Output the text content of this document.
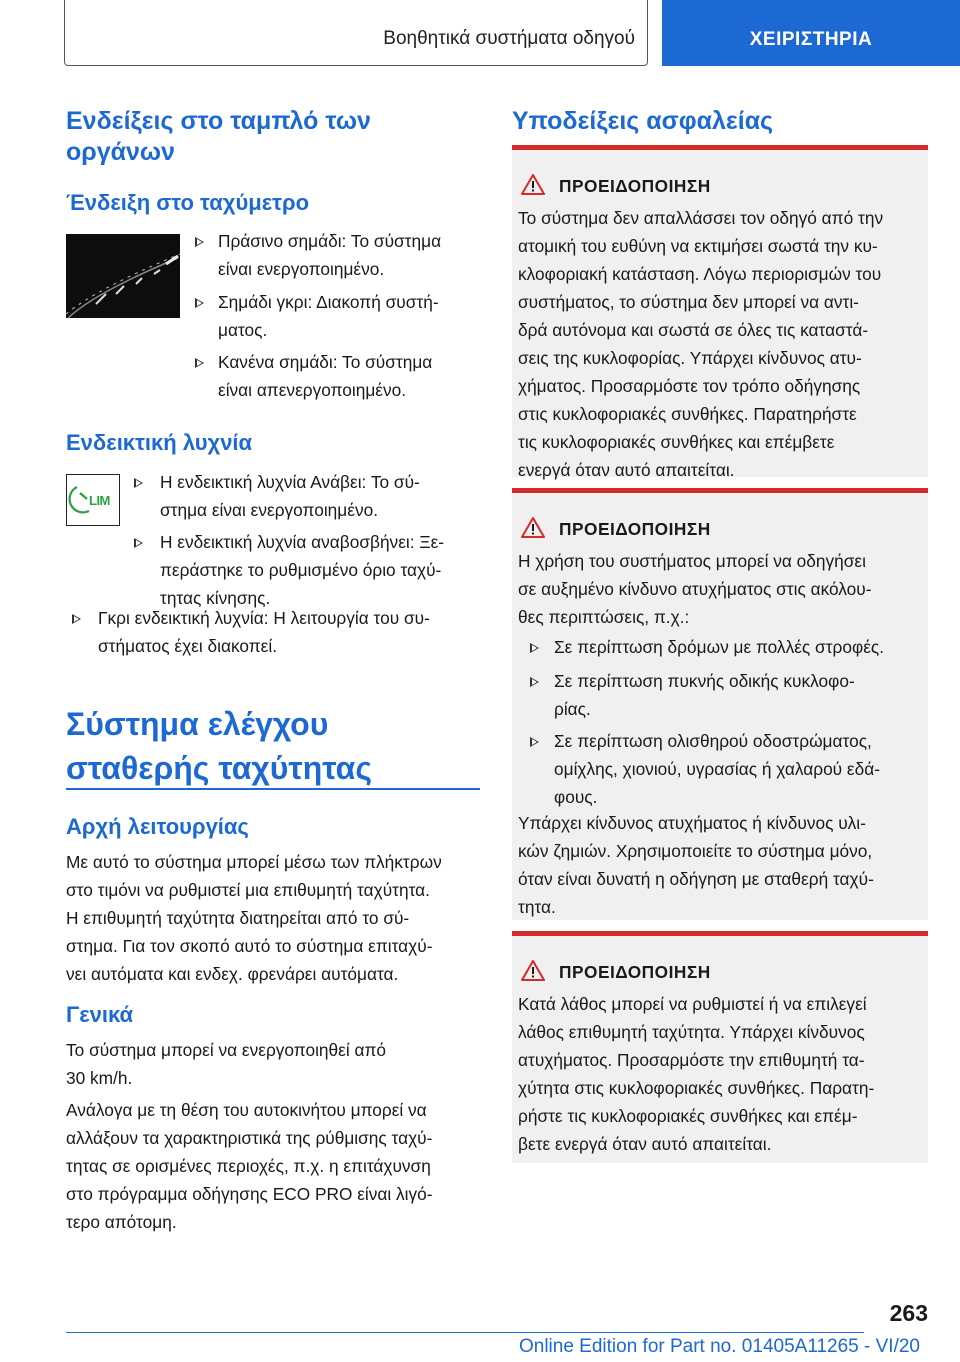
Βοηθητικά συστήματα οδηγού	ΧΕΙΡΙΣΤΗΡΙΑ
Ενδείξεις στο ταμπλό των
οργάνων
Ένδειξη στο ταχύμετρο
Πράσινο σημάδι: Το σύστημα
είναι ενεργοποιημένο.
Σημάδι γκρι: Διακοπή συστή‐
ματος.
Κανένα σημάδι: Το σύστημα
είναι απενεργοποιημένο.
Ενδεικτική λυχνία
LIM
Η ενδεικτική λυχνία Ανάβει: Το σύ‐
στημα είναι ενεργοποιημένο.
Η ενδεικτική λυχνία αναβοσβήνει: Ξε‐
περάστηκε το ρυθμισμένο όριο ταχύ‐
τητας κίνησης.
Γκρι ενδεικτική λυχνία: Η λειτουργία του συ‐
στήματος έχει διακοπεί.
Σύστημα ελέγχου
σταθερής ταχύτητας
Αρχή λειτουργίας
Με αυτό το σύστημα μπορεί μέσω των πλήκτρων
στο τιμόνι να ρυθμιστεί μια επιθυμητή ταχύτητα.
Η επιθυμητή ταχύτητα διατηρείται από το σύ‐
στημα. Για τον σκοπό αυτό το σύστημα επιταχύ‐
νει αυτόματα και ενδεχ. φρενάρει αυτόματα.
Γενικά
Το σύστημα μπορεί να ενεργοποιηθεί από
30 km/h.
Ανάλογα με τη θέση του αυτοκινήτου μπορεί να
αλλάξουν τα χαρακτηριστικά της ρύθμισης ταχύ‐
τητας σε ορισμένες περιοχές, π.χ. η επιτάχυνση
στο πρόγραμμα οδήγησης ECO PRO είναι λιγό‐
τερο απότομη.
Υποδείξεις ασφαλείας
ΠΡΟΕΙΔΟΠΟΙΗΣΗ
Το σύστημα δεν απαλλάσσει τον οδηγό από την
ατομική του ευθύνη να εκτιμήσει σωστά την κυ‐
κλοφοριακή κατάσταση. Λόγω περιορισμών του
συστήματος, το σύστημα δεν μπορεί να αντι‐
δρά αυτόνομα και σωστά σε όλες τις καταστά‐
σεις της κυκλοφορίας. Υπάρχει κίνδυνος ατυ‐
χήματος. Προσαρμόστε τον τρόπο οδήγησης
στις κυκλοφοριακές συνθήκες. Παρατηρήστε
τις κυκλοφοριακές συνθήκες και επέμβετε
ενεργά όταν αυτό απαιτείται.
ΠΡΟΕΙΔΟΠΟΙΗΣΗ
Η χρήση του συστήματος μπορεί να οδηγήσει
σε αυξημένο κίνδυνο ατυχήματος στις ακόλου‐
θες περιπτώσεις, π.χ.:
Σε περίπτωση δρόμων με πολλές στροφές.
Σε περίπτωση πυκνής οδικής κυκλοφο‐
ρίας.
Σε περίπτωση ολισθηρού οδοστρώματος,
ομίχλης, χιονιού, υγρασίας ή χαλαρού εδά‐
φους.
Υπάρχει κίνδυνος ατυχήματος ή κίνδυνος υλι‐
κών ζημιών. Χρησιμοποιείτε το σύστημα μόνο,
όταν είναι δυνατή η οδήγηση με σταθερή ταχύ‐
τητα.
ΠΡΟΕΙΔΟΠΟΙΗΣΗ
Κατά λάθος μπορεί να ρυθμιστεί ή να επιλεγεί
λάθος επιθυμητή ταχύτητα. Υπάρχει κίνδυνος
ατυχήματος. Προσαρμόστε την επιθυμητή τα‐
χύτητα στις κυκλοφοριακές συνθήκες. Παρατη‐
ρήστε τις κυκλοφοριακές συνθήκες και επέμ‐
βετε ενεργά όταν αυτό απαιτείται.
263
Online Edition for Part no. 01405A11265 - VI/20
